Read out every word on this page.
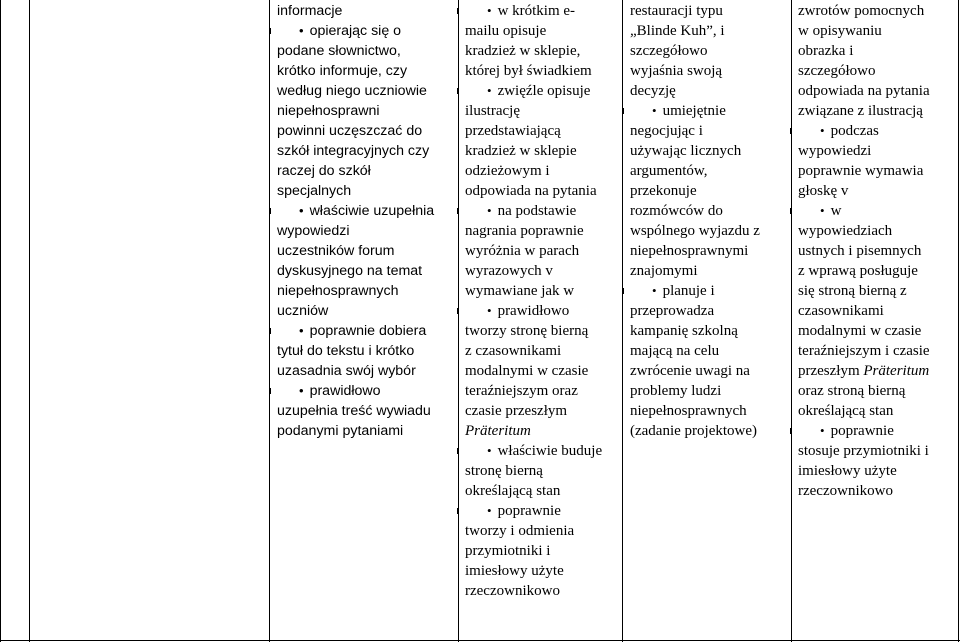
informacje
• opierając się o
podane słownictwo,
krótko informuje, czy
według niego uczniowie
niepełnosprawni
powinni uczęszczać do
szkół integracyjnych czy
raczej do szkół
specjalnych
• właściwie uzupełnia
wypowiedzi
uczestników forum
dyskusyjnego na temat
niepełnosprawnych
uczniów
• poprawnie dobiera
tytuł do tekstu i krótko
uzasadnia swój wybór
• prawidłowo
uzupełnia treść wywiadu
podanymi pytaniami
• w krótkim e-
mailu opisuje
kradzież w sklepie,
której był świadkiem
• zwięźle opisuje
ilustrację
przedstawiającą
kradzież w sklepie
odzieżowym i
odpowiada na pytania
• na podstawie
nagrania poprawnie
wyróżnia w parach
wyrazowych v
wymawiane jak w
• prawidłowo
tworzy stronę bierną
z czasownikami
modalnymi w czasie
teraźniejszym oraz
czasie przeszłym
Präteritum
• właściwie buduje
stronę bierną
określającą stan
• poprawnie
tworzy i odmienia
przymiotniki i
imiesłowy użyte
rzeczownikowo
restauracji typu
„Blinde Kuh”, i
szczegółowo
wyjaśnia swoją
decyzję
• umiejętnie
negocjując i
używając licznych
argumentów,
przekonuje
rozmówców do
wspólnego wyjazdu z
niepełnosprawnymi
znajomymi
• planuje i
przeprowadza
kampanię szkolną
mającą na celu
zwrócenie uwagi na
problemy ludzi
niepełnosprawnych
(zadanie projektowe)
zwrotów pomocnych
w opisywaniu
obrazka i
szczegółowo
odpowiada na pytania
związane z ilustracją
• podczas
wypowiedzi
poprawnie wymawia
głoskę v
• w
wypowiedziach
ustnych i pisemnych
z wprawą posługuje
się stroną bierną z
czasownikami
modalnymi w czasie
teraźniejszym i czasie
przeszłym Präteritum
oraz stroną bierną
określającą stan
• poprawnie
stosuje przymiotniki i
imiesłowy użyte
rzeczownikowo
